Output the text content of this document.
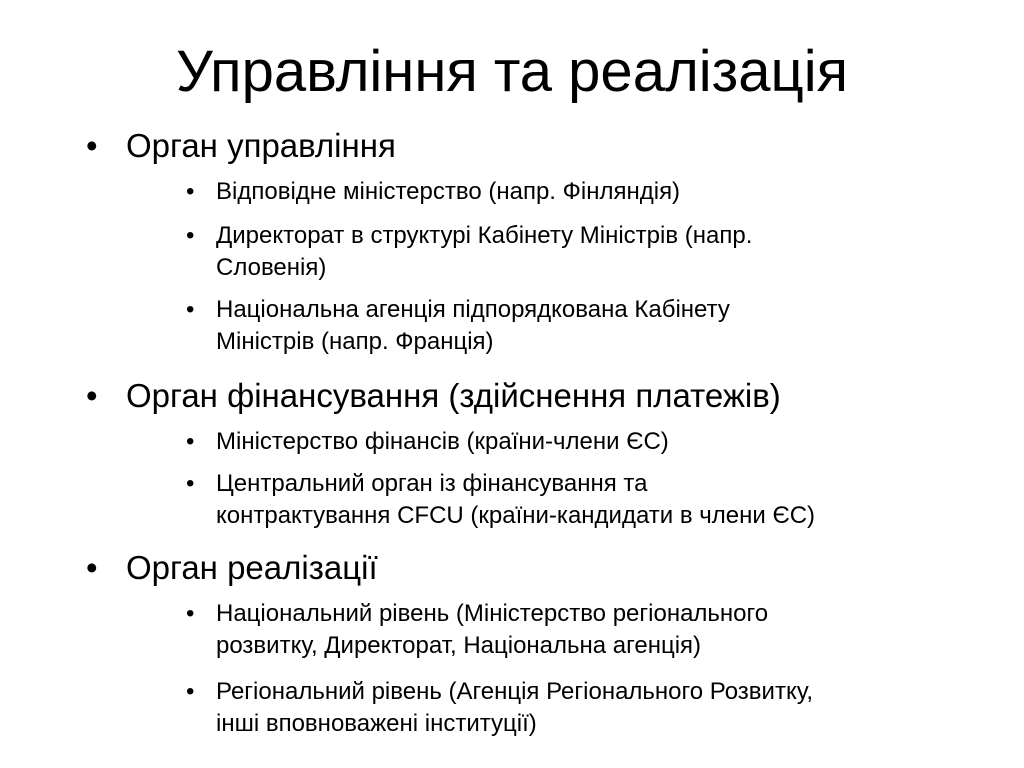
Управління та реалізація
• Орган управління
• Відповідне міністерство (напр. Фінляндія)
• Директорат в структурі Кабінету Міністрів (напр.
Словенія)
• Національна агенція підпорядкована Кабінету
Міністрів (напр. Франція)
• Орган фінансування (здійснення платежів)
• Міністерство фінансів (країни-члени ЄС)
• Центральний орган із фінансування та
контрактування CFCU (країни-кандидати в члени ЄС)
• Орган реалізації
• Національний рівень (Міністерство регіонального
розвитку, Директорат, Національна агенція)
• Регіональний рівень (Агенція Регіонального Розвитку,
інші вповноважені інституції)
